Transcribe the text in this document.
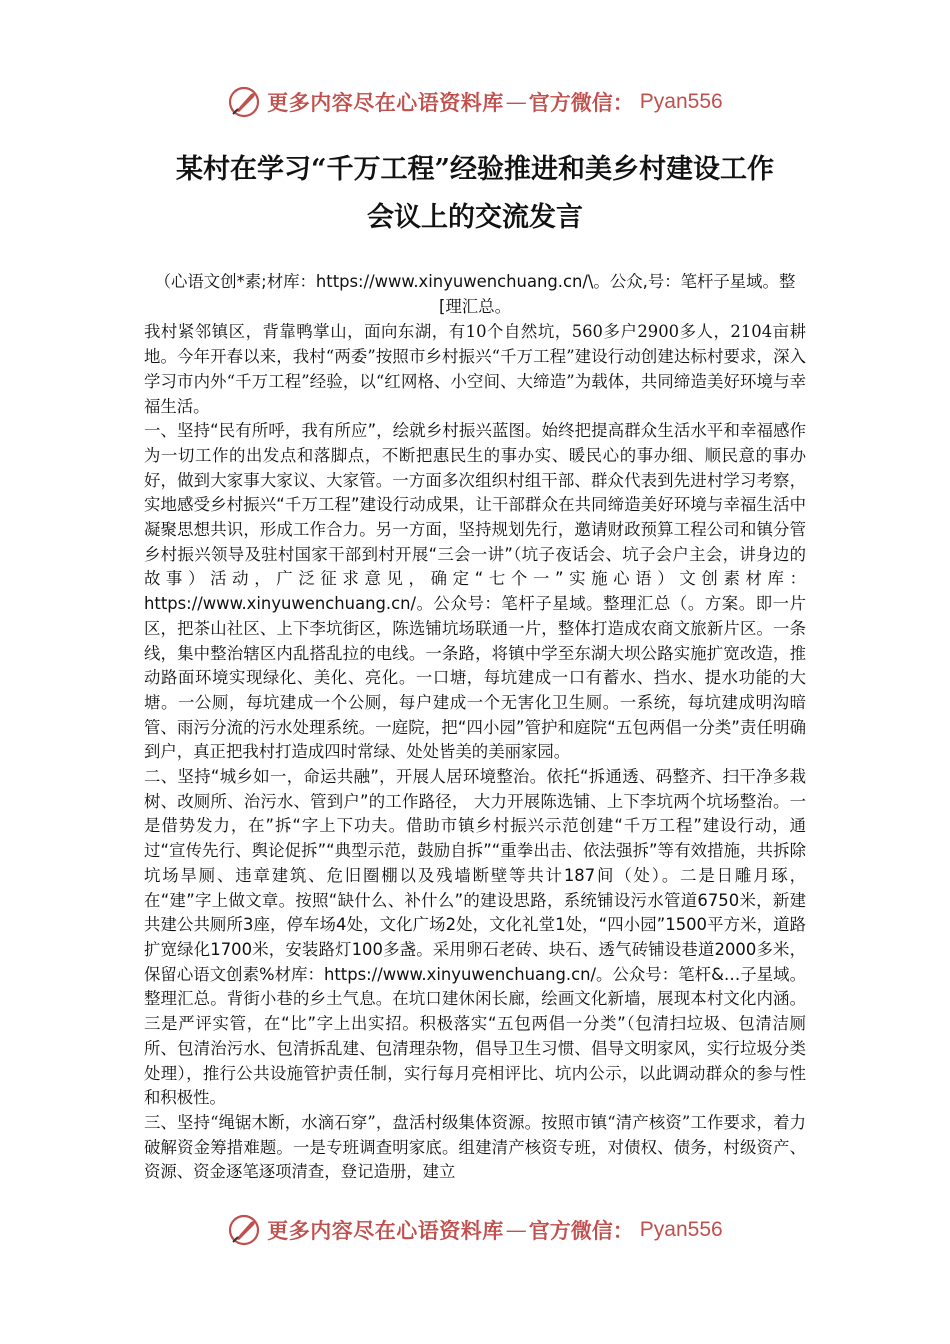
更多内容尽在心语资料库 — 官方微信： Pyan556
某村在学习“千万工程”经验推进和美乡村建设工作
会议上的交流发言

（心语文创*素;材库：https://www.xinyuwenchuang.cn/\。公众,号：笔杆子星域。整[理汇总。

我村紧邻镇区，背靠鸭掌山，面向东湖，有10个自然坑，560多户2900多人，2104亩耕地。今年开春以来，我村“两委”按照市乡村振兴“千万工程”建设行动创建达标村要求，深入学习市内外“千万工程”经验，以“红网格、小空间、大缔造”为载体，共同缔造美好环境与幸福生活。

一、坚持“民有所呼，我有所应”，绘就乡村振兴蓝图。始终把提高群众生活水平和幸福感作为一切工作的出发点和落脚点，不断把惠民生的事办实、暖民心的事办细、顺民意的事办好，做到大家事大家议、大家管。一方面多次组织村组干部、群众代表到先进村学习考察，实地感受乡村振兴“千万工程”建设行动成果，让干部群众在共同缔造美好环境与幸福生活中凝聚思想共识，形成工作合力。另一方面，坚持规划先行，邀请财政预算工程公司和镇分管乡村振兴领导及驻村国家干部到村开展“三会一讲”（坑子夜话会、坑子会户主会，讲身边的故事）活动，广泛征求意见，确定“七个一”实施心语）文创素材库：https://www.xinyuwenchuang.cn/。公众号：笔杆子星域。整理汇总（。方案。即一片区，把茶山社区、上下李坑街区，陈选铺坑场联通一片，整体打造成农商文旅新片区。一条线，集中整治辖区内乱搭乱拉的电线。一条路，将镇中学至东湖大坝公路实施扩宽改造，推动路面环境实现绿化、美化、亮化。一口塘，每坑建成一口有蓄水、挡水、提水功能的大塘。一公厕，每坑建成一个公厕，每户建成一个无害化卫生厕。一系统，每坑建成明沟暗管、雨污分流的污水处理系统。一庭院，把“四小园”管护和庭院“五包两倡一分类”责任明确到户，真正把我村打造成四时常绿、处处皆美的美丽家园。

二、坚持“城乡如一，命运共融”，开展人居环境整治。依托“拆通透、码整齐、扫干净多栽树、改厕所、治污水、管到户”的工作路径， 大力开展陈选铺、上下李坑两个坑场整治。一是借势发力，在”拆“字上下功夫。借助市镇乡村振兴示范创建“千万工程”建设行动，通过“宣传先行、舆论促拆”“典型示范，鼓励自拆”“重拳出击、依法强拆”等有效措施，共拆除坑场旱厕、违章建筑、危旧圈棚以及残墙断壁等共计187间（处）。二是日雕月琢，在“建”字上做文章。按照“缺什么、补什么”的建设思路，系统铺设污水管道6750米，新建共建公共厕所3座，停车场4处，文化广场2处，文化礼堂1处，“四小园”1500平方米，道路扩宽绿化1700米，安装路灯100多盏。采用卵石老砖、块石、透气砖铺设巷道2000多米，保留心语文创素%材库：https://www.xinyuwenchuang.cn/。公众号：笔杆&…子星域。整理汇总。背街小巷的乡土气息。在坑口建休闲长廊，绘画文化新墙，展现本村文化内涵。三是严评实管，在“比”字上出实招。积极落实“五包两倡一分类”（包清扫垃圾、包清洁厕所、包清治污水、包清拆乱建、包清理杂物，倡导卫生习惯、倡导文明家风，实行垃圾分类处理），推行公共设施管护责任制，实行每月亮相评比、坑内公示，以此调动群众的参与性和积极性。

三、坚持“绳锯木断，水滴石穿”，盘活村级集体资源。按照市镇“清产核资”工作要求，着力破解资金筹措难题。一是专班调查明家底。组建清产核资专班，对债权、债务，村级资产、资源、资金逐笔逐项清查，登记造册，建立

更多内容尽在心语资料库 — 官方微信： Pyan556
